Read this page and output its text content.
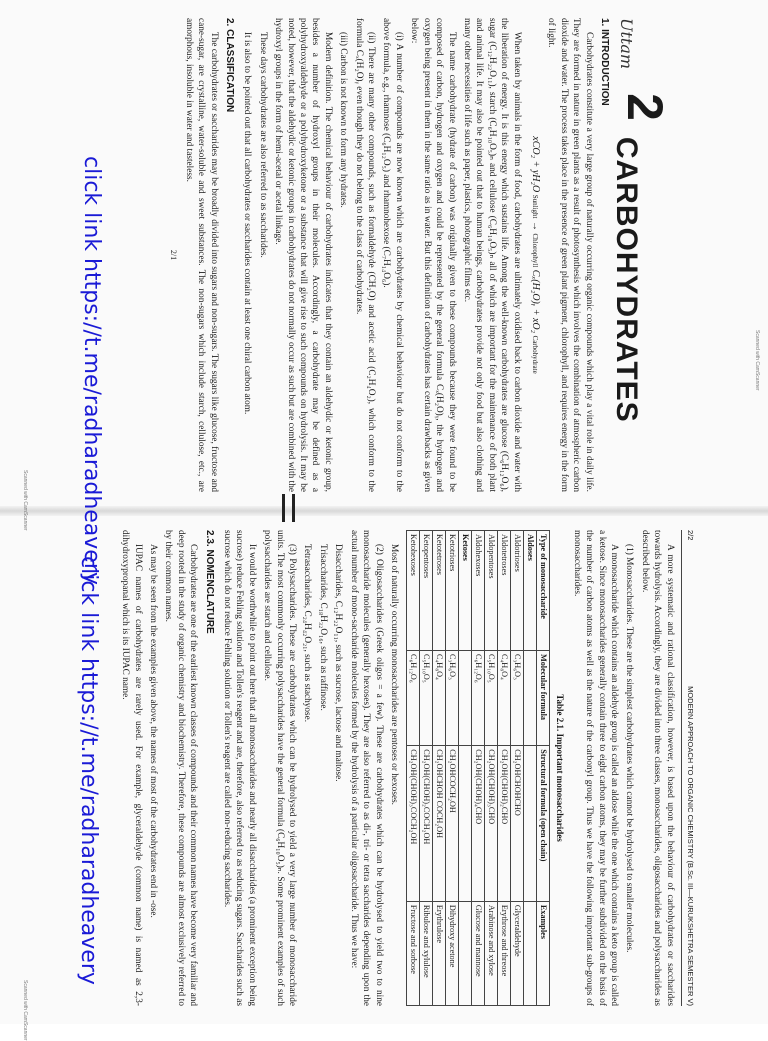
Uttam
2
CARBOHYDRATES
1. INTRODUCTION

Carbohydrates constitute a very large group of naturally occurring organic compounds which play a vital role in daily life. They are formed in nature in green plants as a result of photosynthesis which involves the combination of atmospheric carbon dioxide and water. The process takes place in the presence of green plant pigment, chlorophyll, and requires energy in the form of light.

xCO₂ + yH₂O Sunlight → Chlorophyll Cₓ(H₂O)ᵧ + xO₂ Carbohydrate

When taken by animals in the form of food, carbohydrates are ultimately oxidised back to carbon dioxide and water with the liberation of energy. It is this energy which sustains life. Among the well-known carbohydrates are glucose (C₆H₁₂O₆), sugar (C₁₂H₂₂O₁₁), starch (C₆H₁₀O₅)ₙ and cellulose (C₆H₁₀O₅)ₙ all of which are important for the maintenance of both plant and animal life. It may also be pointed out that to human beings, carbohydrates provide not only food but also clothing and many other necessities of life such as paper, plastics, photographic films etc.

The name carbohydrate (hydrate of carbon) was originally given to these compounds because they were found to be composed of carbon, hydrogen and oxygen and could be represented by the general formula Cₓ(H₂O)ᵧ, the hydrogen and oxygen being present in them in the same ratio as in water. But this definition of carbohydrates has certain drawbacks as given below:

(i) A number of compounds are now known which are carbohydrates by chemical behaviour but do not conform to the above formula, e.g., rhamnose (C₆H₁₂O₅) and rhamnohexose (C₇H₁₄O₆).

(ii) There are many other compounds, such as formaldehyde (CH₂O) and acetic acid (C₂H₄O₂), which conform to the formula Cₓ(H₂O)ᵧ even though they do not belong to the class of carbohydrates.

(iii) Carbon is not known to form any hydrates.

Modern definition. The chemical behaviour of carbohydrates indicates that they contain an aldehydic or ketonic group, besides a number of hydroxyl groups in their molecules. Accordingly, a carbohydrate may be defined as a polyhydroxyaldehyde or a polyhydroxyketone or a substance that will give rise to such compounds on hydrolysis. It may be noted, however, that the aldehydic or ketonic groups in carbohydrates do not normally occur as such but are combined with the hydroxyl groups in the form of hemi-acetal or acetal linkage.

These days carbohydrates are also referred to as saccharides.

It is also to be pointed out that all carbohydrates or saccharides contain at least one chiral carbon atom.

2. CLASSIFICATION

The carbohydrates or saccharides may be broadly divided into sugars and non-sugars. The sugars like glucose, fructose and cane-sugar, are crystalline, water-soluble and sweet substances. The non-sugars which include starch, cellulose, etc., are amorphous, insoluble in water and tasteless.

2/1
2/2
MODERN APPROACH TO ORGANIC CHEMISTRY (B.Sc. III—KURUKSHETRA SEMESTER V)

A more systematic and rational classification, however, is based upon the behaviour of carbohydrates or saccharides towards hydrolysis. Accordingly, they are divided into three classes, monosaccharides, oligosaccharides and polysaccharides as described below.

(1) Monosaccharides. These are the simplest carbohydrates which cannot be hydrolysed to smaller molecules.

A monosaccharide which contains an aldehyde group is called an aldose while the one which contains a keto group is called a ketose. Since monosaccharides generally contain three to eight carbon atoms, they may be further subdivided on the basis of the number of carbon atoms as well as the nature of the carbonyl group. Thus we have the following important sub-groups of monosaccharides.

Table 2.1. Important monosaccharides
Type of monosaccharide	Molecular formula	Structural formula (open chain)	Examples
Aldoses			
Aldotrioses	C₃H₆O₃	CH₂OHCHOHCHO	Glyceraldehyde
Aldotetroses	C₄H₈O₄	CH₂OH(CHOH)₂CHO	Erythrose and threose
Aldopentoses	C₅H₁₀O₅	CH₂OH(CHOH)₃CHO	Arabinose and xylose
Aldohexoses	C₆H₁₂O₆	CH₂OH(CHOH)₄CHO	Glucose and mannose
Ketoses			
Ketotrioses	C₃H₆O₃	CH₂OHCOCH₂OH	Dihydroxy acetone
Ketotetroses	C₄H₈O₄	CH₂OHCHOH COCH₂OH	Erythrulose
Ketopentoses	C₅H₁₀O₅	CH₂OH(CHOH)₂COCH₂OH	Ribulose and xylulose
Ketohexoses	C₆H₁₂O₆	CH₂OH(CHOH)₃COCH₂OH	Fructose and sorbose

Most of naturally occurring monosaccharides are pentoses or hexoses.

(2) Oligosaccharides (Greek oligos = a few). These are carbohydrates which can be hydrolysed to yield two to nine monosaccharide molecules (generally hexoses). They are also referred to as di-, tri- or tetra saccharides depending upon the actual number of mono-saccharide molecules formed by the hydrolysis of a particular oligosaccharide. Thus we have:

Disaccharides, C₁₂H₂₂O₁₁, such as sucrose, lactose and maltose.

Trisaccharides, C₁₈H₃₂O₁₆, such as raffinose.

Tetrasaccharides, C₂₄H₄₂O₂₁, such as stachyose.

(3) Polysaccharides. These are carbohydrates which can be hydrolysed to yield a very large number of monosaccharide units. The most commonly occurring polysaccharides have the general formula (C₆H₁₀O₅)ₙ. Some prominent examples of such polysaccharides are starch and cellulose.

It would be worthwhile to point out here that all monosaccharides and nearly all disaccharides (a prominent exception being sucrose) reduce Fehling solution and Tollen's reagent and are, therefore, also referred to as reducing sugars. Saccharides such as sucrose which do not reduce Fehling solution or Tollen's reagent are called non-reducing saccharides.

2.3. NOMENCLATURE

Carbohydrates are one of the earliest known classes of compounds and their common names have become very familiar and deep rooted in the study of organic chemistry and biochemistry. Therefore, these compounds are almost exclusively referred to by their common names.

As may be seen from the examples given above, the names of most of the carbohydrates end in -ose.

IUPAC names of carbohydrates are rarely used. For example, glyceraldehyde (common name) is named as 2,3-dihydroxypropanal which is its IUPAC name.

Scanned with CamScanner
Scanned with CamScanner
Scanned with CamScanner
click link https://t.me/radharadheavery
click link https://t.me/radharadheavery
